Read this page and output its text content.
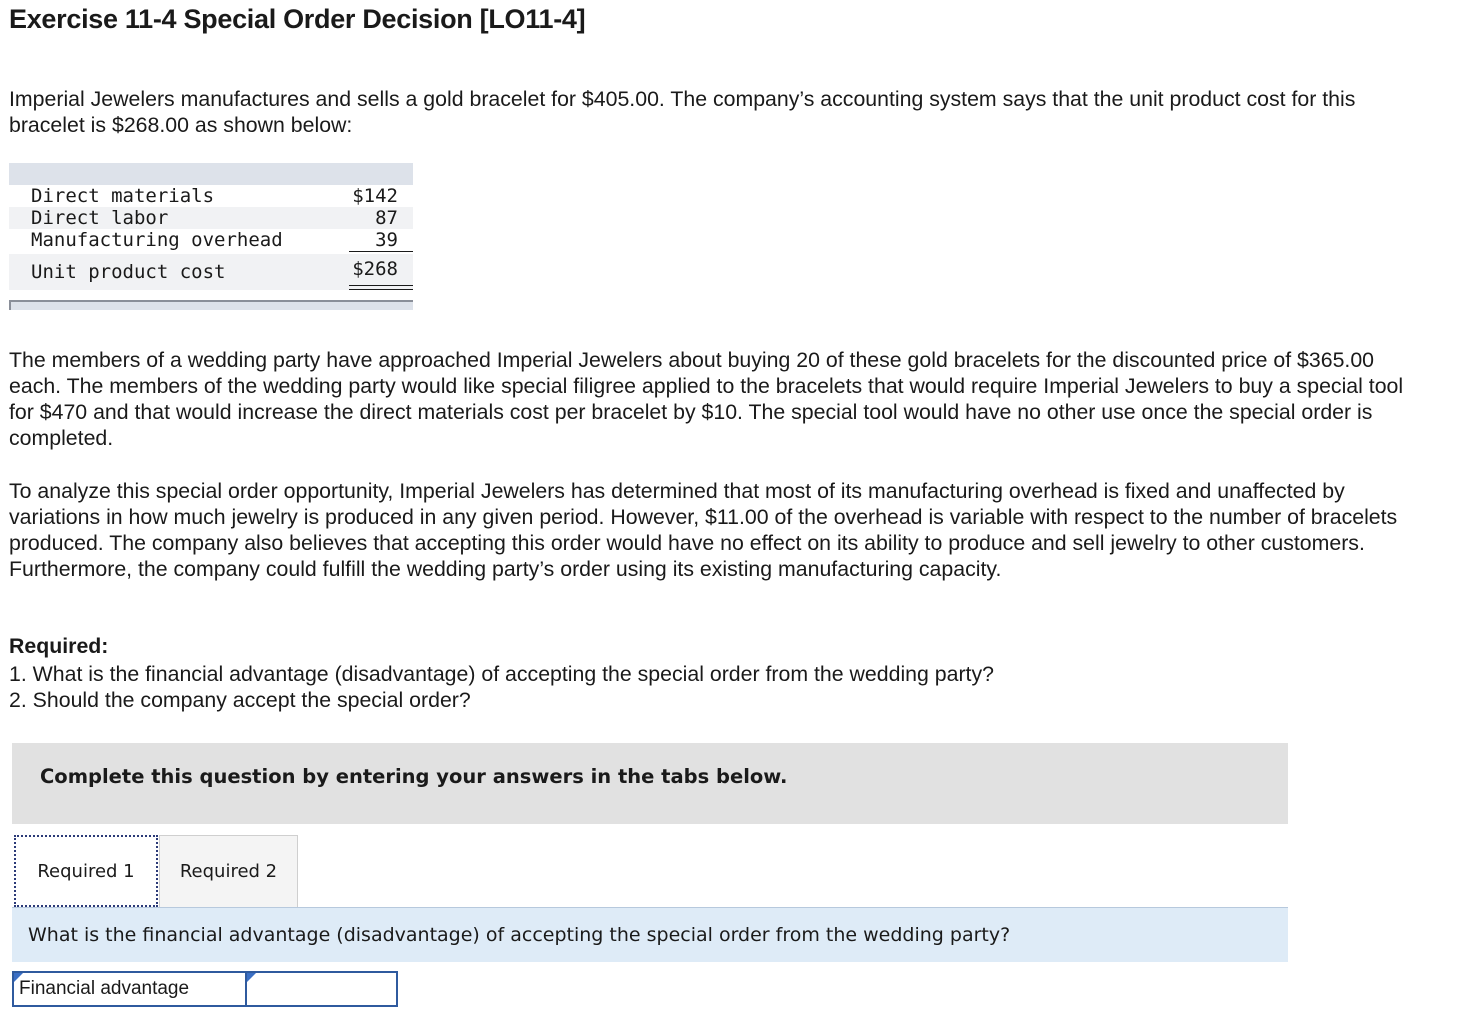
Exercise 11-4 Special Order Decision [LO11-4]

Imperial Jewelers manufactures and sells a gold bracelet for $405.00. The company’s accounting system says that the unit product cost for this bracelet is $268.00 as shown below:

Direct materials	$142
Direct labor	87
Manufacturing overhead	39
Unit product cost	$268

The members of a wedding party have approached Imperial Jewelers about buying 20 of these gold bracelets for the discounted price of $365.00 each. The members of the wedding party would like special filigree applied to the bracelets that would require Imperial Jewelers to buy a special tool for $470 and that would increase the direct materials cost per bracelet by $10. The special tool would have no other use once the special order is completed.

To analyze this special order opportunity, Imperial Jewelers has determined that most of its manufacturing overhead is fixed and unaffected by variations in how much jewelry is produced in any given period. However, $11.00 of the overhead is variable with respect to the number of bracelets produced. The company also believes that accepting this order would have no effect on its ability to produce and sell jewelry to other customers. Furthermore, the company could fulfill the wedding party’s order using its existing manufacturing capacity.

Required:

1. What is the financial advantage (disadvantage) of accepting the special order from the wedding party?
2. Should the company accept the special order?
Complete this question by entering your answers in the tabs below.
Required 1	Required 2
What is the financial advantage (disadvantage) of accepting the special order from the wedding party?
Financial advantage
